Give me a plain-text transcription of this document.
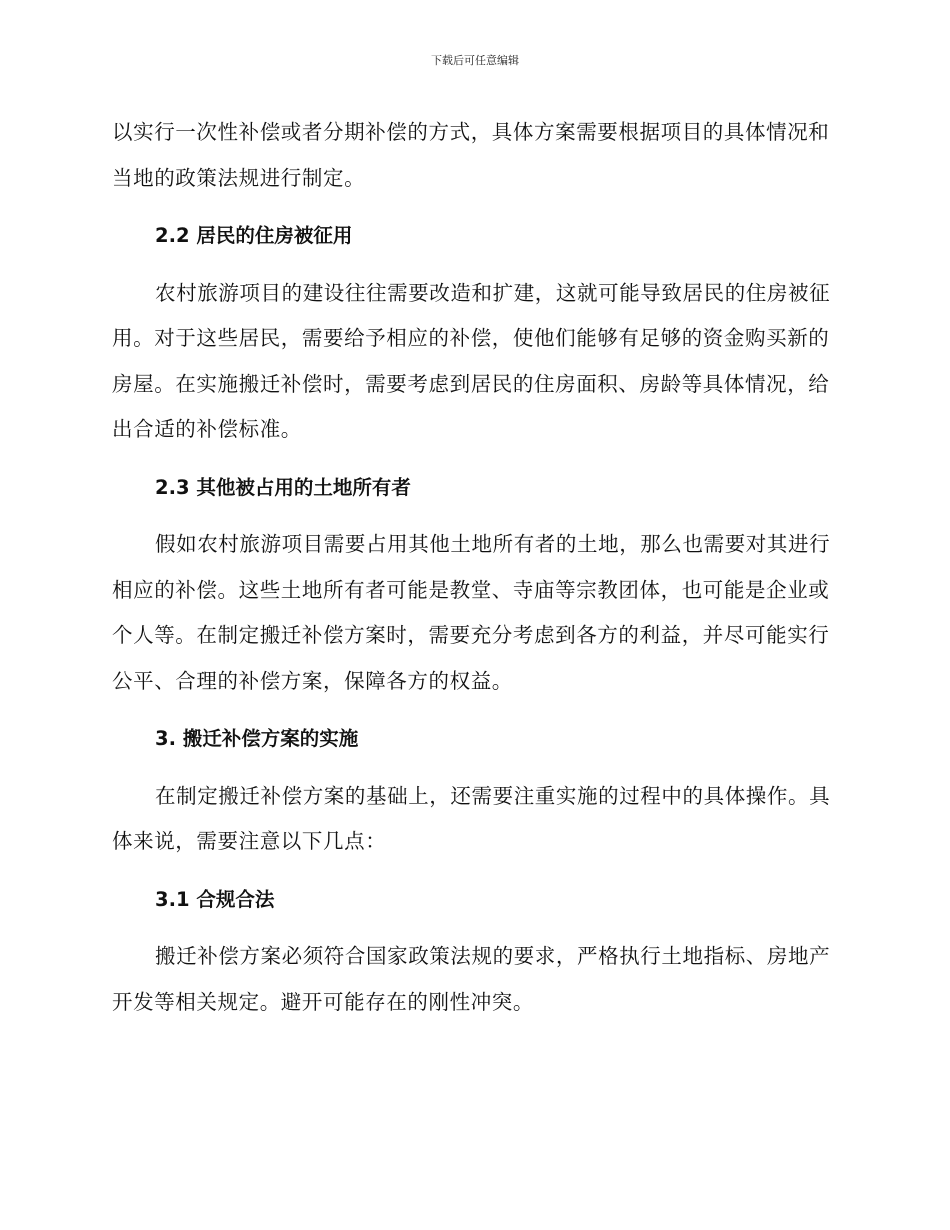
下载后可任意编辑

以实行一次性补偿或者分期补偿的方式，具体方案需要根据项目的具体情况和当地的政策法规进行制定。

2.2 居民的住房被征用

农村旅游项目的建设往往需要改造和扩建，这就可能导致居民的住房被征用。对于这些居民，需要给予相应的补偿，使他们能够有足够的资金购买新的房屋。在实施搬迁补偿时，需要考虑到居民的住房面积、房龄等具体情况，给出合适的补偿标准。

2.3 其他被占用的土地所有者

假如农村旅游项目需要占用其他土地所有者的土地，那么也需要对其进行相应的补偿。这些土地所有者可能是教堂、寺庙等宗教团体，也可能是企业或个人等。在制定搬迁补偿方案时，需要充分考虑到各方的利益，并尽可能实行公平、合理的补偿方案，保障各方的权益。

3. 搬迁补偿方案的实施

在制定搬迁补偿方案的基础上，还需要注重实施的过程中的具体操作。具体来说，需要注意以下几点：

3.1 合规合法

搬迁补偿方案必须符合国家政策法规的要求，严格执行土地指标、房地产开发等相关规定。避开可能存在的刚性冲突。
